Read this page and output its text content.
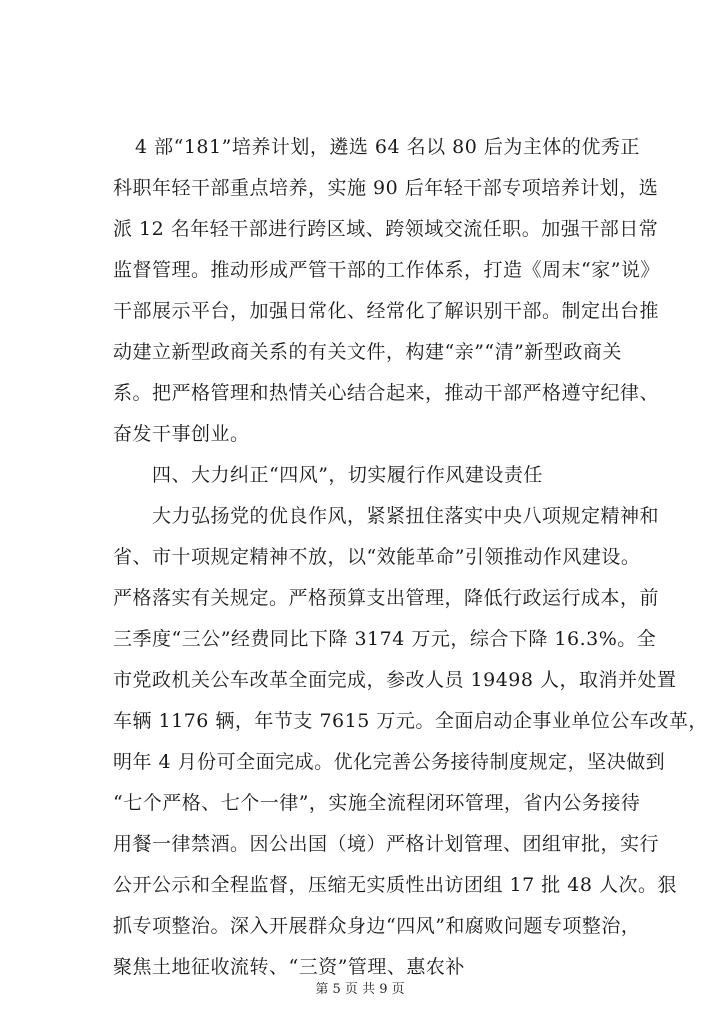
4 部“181”培养计划，遴选 64 名以 80 后为主体的优秀正
科职年轻干部重点培养，实施 90 后年轻干部专项培养计划，选
派 12 名年轻干部进行跨区域、跨领域交流任职。加强干部日常
监督管理。推动形成严管干部的工作体系，打造《周末“家”说》
干部展示平台，加强日常化、经常化了解识别干部。制定出台推
动建立新型政商关系的有关文件，构建“亲”“清”新型政商关
系。把严格管理和热情关心结合起来，推动干部严格遵守纪律、
奋发干事创业。
四、大力纠正“四风”，切实履行作风建设责任
大力弘扬党的优良作风，紧紧扭住落实中央八项规定精神和
省、市十项规定精神不放，以“效能革命”引领推动作风建设。
严格落实有关规定。严格预算支出管理，降低行政运行成本，前
三季度“三公”经费同比下降 3174 万元，综合下降 16.3%。全
市党政机关公车改革全面完成，参改人员 19498 人，取消并处置
车辆 1176 辆，年节支 7615 万元。全面启动企事业单位公车改革，
明年 4 月份可全面完成。优化完善公务接待制度规定，坚决做到
“七个严格、七个一律”，实施全流程闭环管理，省内公务接待
用餐一律禁酒。因公出国（境）严格计划管理、团组审批，实行
公开公示和全程监督，压缩无实质性出访团组 17 批 48 人次。狠
抓专项整治。深入开展群众身边“四风”和腐败问题专项整治，
聚焦土地征收流转、“三资”管理、惠农补
第 5 页 共 9 页
